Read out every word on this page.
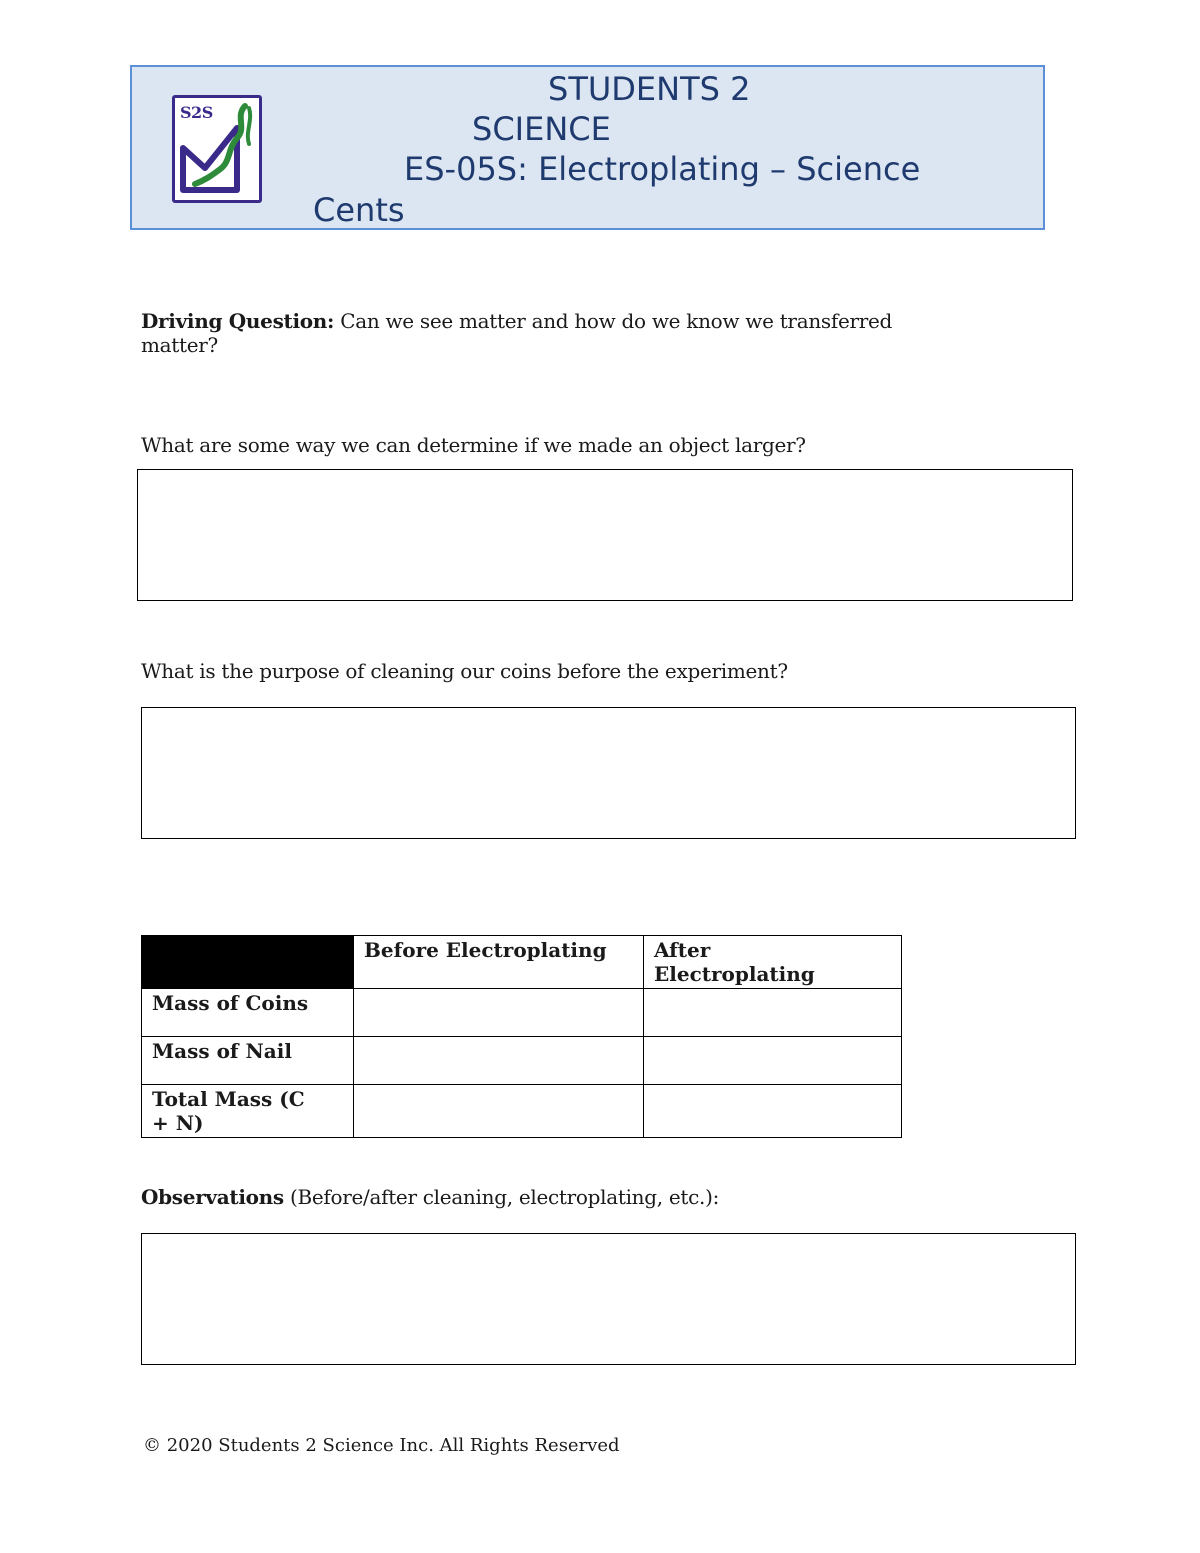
S2S
STUDENTS 2
SCIENCE
ES-05S: Electroplating – Science
Cents
Driving Question: Can we see matter and how do we know we transferred
matter?
What are some way we can determine if we made an object larger?
What is the purpose of cleaning our coins before the experiment?
	Before Electroplating	After
Electroplating

Mass of Coins		
Mass of Nail		

Total Mass (C
+ N)		

Observations (Before/after cleaning, electroplating, etc.):
© 2020 Students 2 Science Inc. All Rights Reserved
